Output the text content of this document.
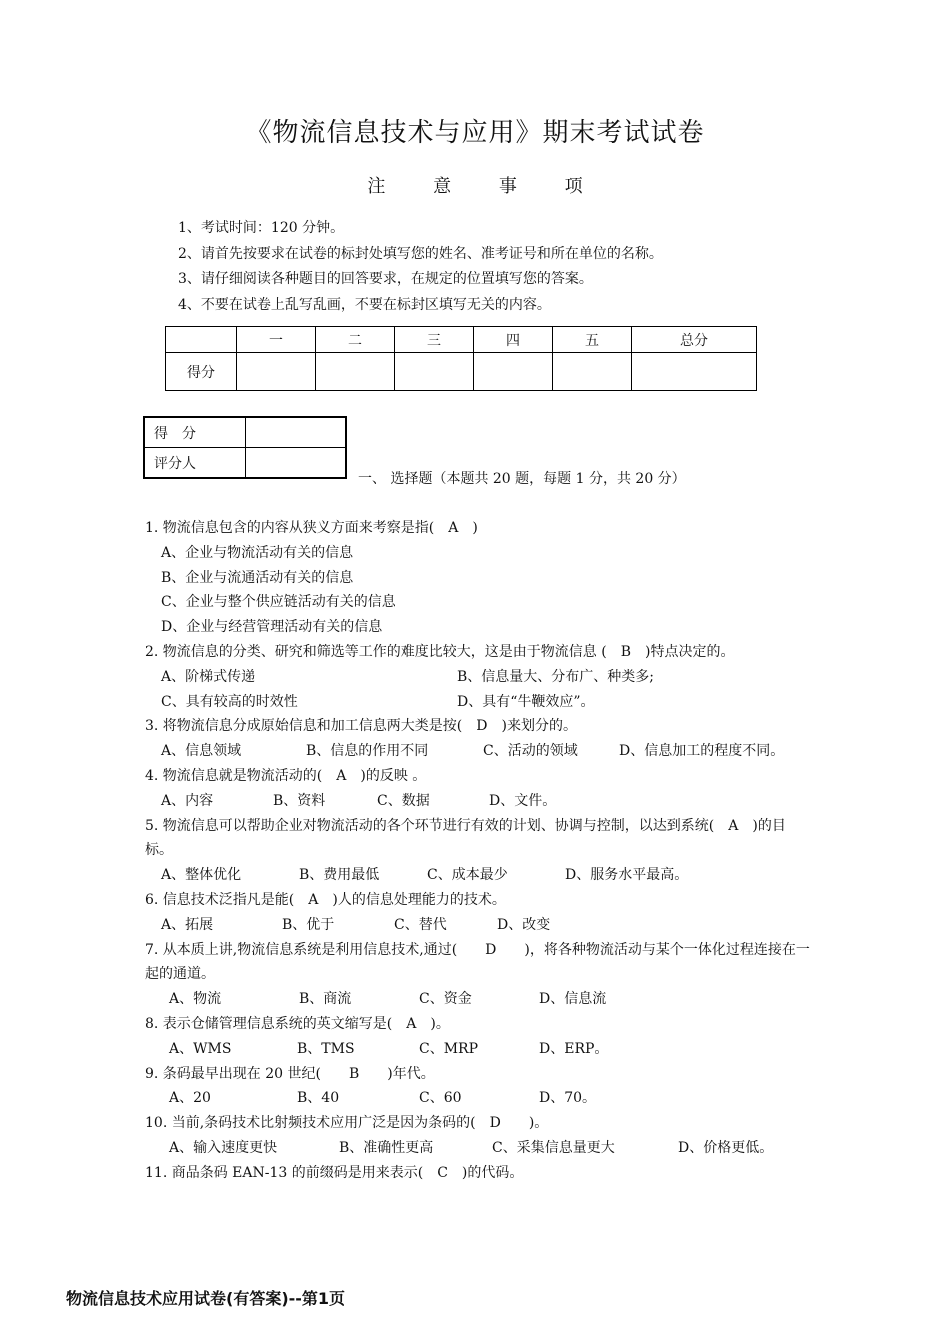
《物流信息技术与应用》期末考试试卷
注 意 事 项
1、考试时间：120 分钟。
2、请首先按要求在试卷的标封处填写您的姓名、准考证号和所在单位的名称。
3、请仔细阅读各种题目的回答要求，在规定的位置填写您的答案。
4、不要在试卷上乱写乱画，不要在标封区填写无关的内容。
	一	二	三	四	五	总分
得分						
得　分	
评分人	
一、 选择题（本题共 20 题，每题 1 分，共 20 分）
1. 物流信息包含的内容从狭义方面来考察是指(　A　)
A、企业与物流活动有关的信息
B、企业与流通活动有关的信息
C、企业与整个供应链活动有关的信息
D、企业与经营管理活动有关的信息
2. 物流信息的分类、研究和筛选等工作的难度比较大，这是由于物流信息 (　B　)特点决定的。
A、阶梯式传递	B、信息量大、分布广、种类多;
C、具有较高的时效性	D、具有“牛鞭效应”。
3. 将物流信息分成原始信息和加工信息两大类是按(　D　)来划分的。
A、信息领域	B、信息的作用不同	C、活动的领域	D、信息加工的程度不同。
4. 物流信息就是物流活动的(　A　)的反映 。
A、内容	B、资料	C、数据	D、文件。
5. 物流信息可以帮助企业对物流活动的各个环节进行有效的计划、协调与控制，以达到系统(　A　)的目标。
A、整体优化	B、费用最低	C、成本最少	D、服务水平最高。
6. 信息技术泛指凡是能(　A　)人的信息处理能力的技术。
A、拓展	B、优于	C、替代	D、改变
7. 从本质上讲,物流信息系统是利用信息技术,通过(　　D　　)，将各种物流活动与某个一体化过程连接在一起的通道。
A、物流	B、商流	C、资金	D、信息流
8. 表示仓储管理信息系统的英文缩写是(　A　)。
A、WMS	B、TMS	C、MRP	D、ERP。
9. 条码最早出现在 20 世纪(　　B　　)年代。
A、20	B、40	C、60	D、70。
10. 当前,条码技术比射频技术应用广泛是因为条码的(　D　　)。
A、输入速度更快	B、准确性更高	C、采集信息量更大	D、价格更低。
11. 商品条码 EAN-13 的前缀码是用来表示(　C　)的代码。
物流信息技术应用试卷(有答案)--第1页
